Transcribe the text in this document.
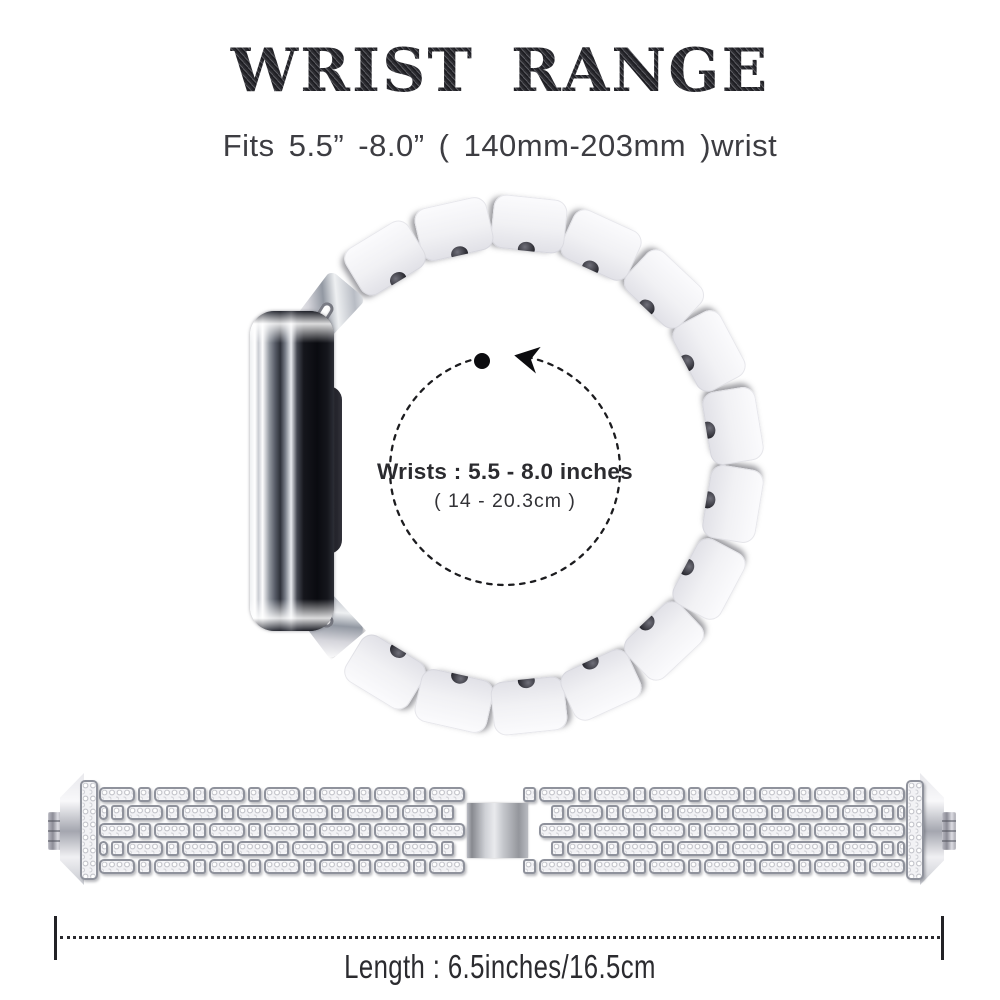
WRIST RANGE
Fits 5.5” -8.0” ( 140mm-203mm )wrist
Wrists : 5.5 - 8.0 inches
( 14 - 20.3cm )
Length : 6.5inches/16.5cm
